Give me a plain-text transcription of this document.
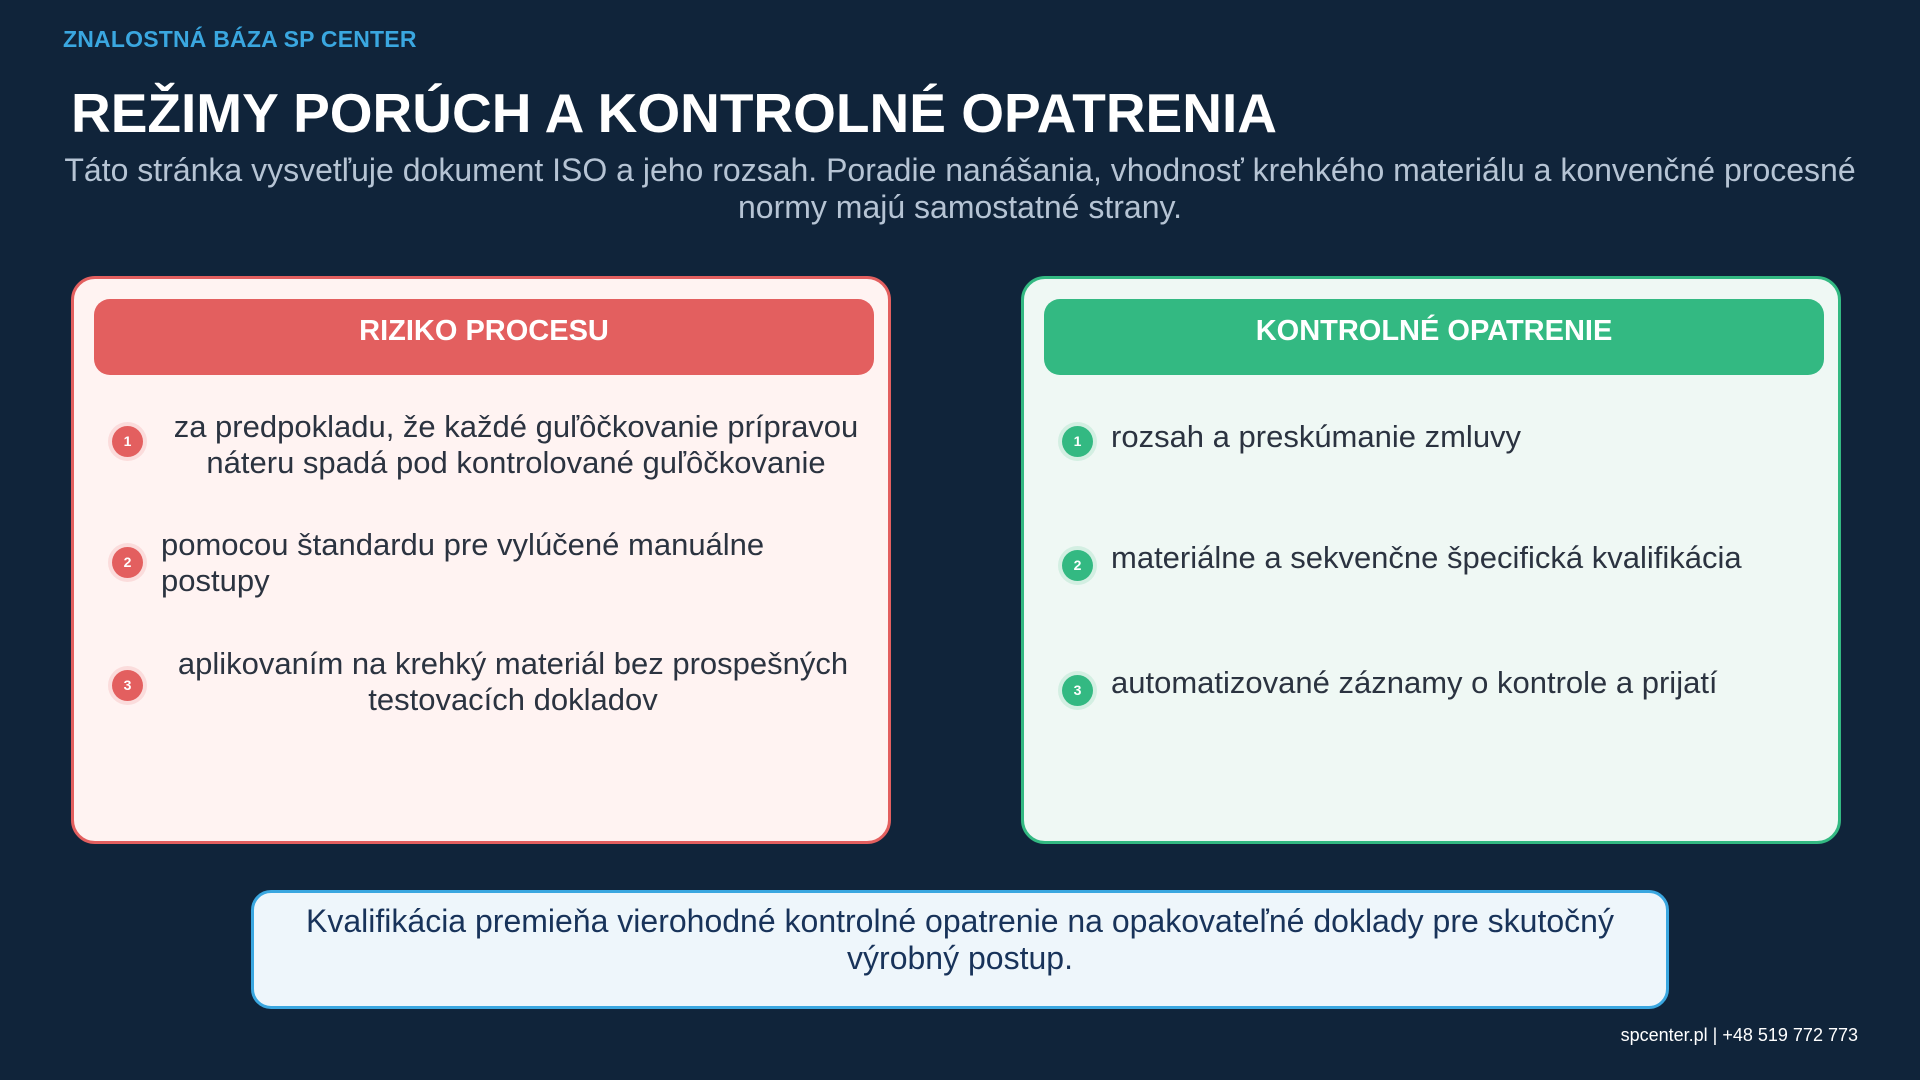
ZNALOSTNÁ BÁZA SP CENTER
REŽIMY PORÚCH A KONTROLNÉ OPATRENIA
Táto stránka vysvetľuje dokument ISO a jeho rozsah. Poradie nanášania, vhodnosť krehkého materiálu a konvenčné procesné normy majú samostatné strany.
RIZIKO PROCESU
1	za predpokladu, že každé guľôčkovanie prípravou náteru spadá pod kontrolované guľôčkovanie
2 pomocou štandardu pre vylúčené manuálne postupy
3
aplikovaním na krehký materiál bez prospešných testovacích dokladov
KONTROLNÉ OPATRENIE
1 rozsah a preskúmanie zmluvy
2 materiálne a sekvenčne špecifická kvalifikácia
3 automatizované záznamy o kontrole a prijatí
Kvalifikácia premieňa vierohodné kontrolné opatrenie na opakovateľné doklady pre skutočný výrobný postup.
spcenter.pl | +48 519 772 773
